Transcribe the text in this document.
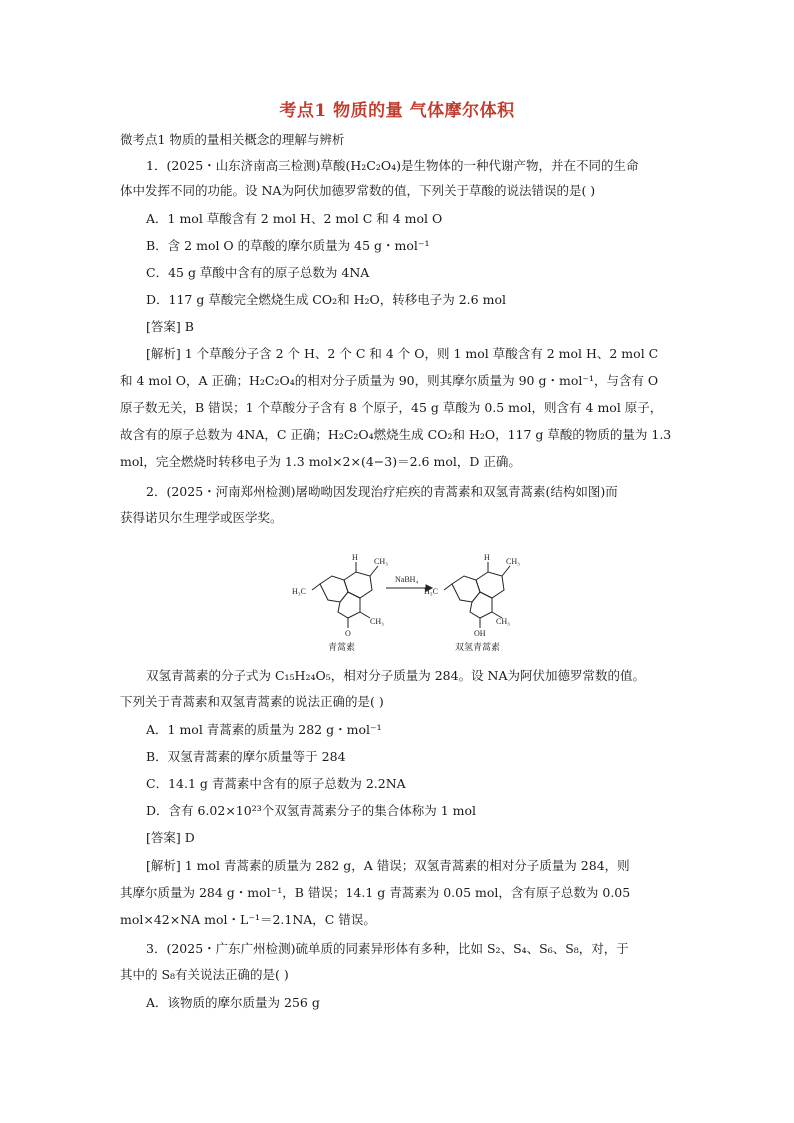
考点1 物质的量 气体摩尔体积
微考点1 物质的量相关概念的理解与辨析
1．(2025・山东济南高三检测)草酸(H₂C₂O₄)是生物体的一种代谢产物，并在不同的生命
体中发挥不同的功能。设 NA为阿伏加德罗常数的值，下列关于草酸的说法错误的是( )
A．1 mol 草酸含有 2 mol H、2 mol C 和 4 mol O
B．含 2 mol O 的草酸的摩尔质量为 45 g・mol⁻¹
C．45 g 草酸中含有的原子总数为 4NA
D．117 g 草酸完全燃烧生成 CO₂和 H₂O，转移电子为 2.6 mol
[答案] B
[解析] 1 个草酸分子含 2 个 H、2 个 C 和 4 个 O，则 1 mol 草酸含有 2 mol H、2 mol C
和 4 mol O，A 正确；H₂C₂O₄的相对分子质量为 90，则其摩尔质量为 90 g・mol⁻¹，与含有 O
原子数无关，B 错误；1 个草酸分子含有 8 个原子，45 g 草酸为 0.5 mol，则含有 4 mol 原子，
故含有的原子总数为 4NA，C 正确；H₂C₂O₄燃烧生成 CO₂和 H₂O，117 g 草酸的物质的量为 1.3
mol，完全燃烧时转移电子为 1.3 mol×2×(4−3)＝2.6 mol，D 正确。
2．(2025・河南郑州检测)屠呦呦因发现治疗疟疾的青蒿素和双氢青蒿素(结构如图)而
获得诺贝尔生理学或医学奖。
H CH₃
H₃C
CH₃
O
NaBH₄
H CH₃
H₃C
CH₃
OH
青蒿素	双氢青蒿素
双氢青蒿素的分子式为 C₁₅H₂₄O₅，相对分子质量为 284。设 NA为阿伏加德罗常数的值。
下列关于青蒿素和双氢青蒿素的说法正确的是( )
A．1 mol 青蒿素的质量为 282 g・mol⁻¹
B．双氢青蒿素的摩尔质量等于 284
C．14.1 g 青蒿素中含有的原子总数为 2.2NA
D．含有 6.02×10²³个双氢青蒿素分子的集合体称为 1 mol
[答案] D
[解析] 1 mol 青蒿素的质量为 282 g，A 错误；双氢青蒿素的相对分子质量为 284，则
其摩尔质量为 284 g・mol⁻¹，B 错误；14.1 g 青蒿素为 0.05 mol，含有原子总数为 0.05
mol×42×NA mol・L⁻¹＝2.1NA，C 错误。
3．(2025・广东广州检测)硫单质的同素异形体有多种，比如 S₂、S₄、S₆、S₈，对，于
其中的 S₈有关说法正确的是( )
A．该物质的摩尔质量为 256 g
